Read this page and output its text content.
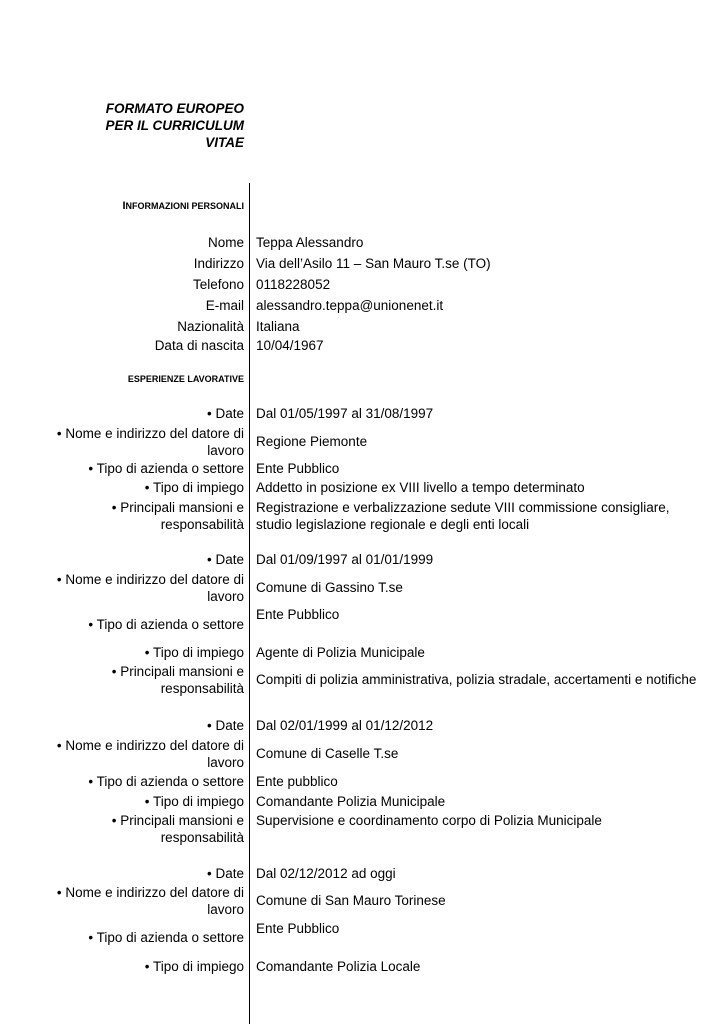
FORMATO EUROPEO
PER IL CURRICULUM
VITAE
INFORMAZIONI PERSONALI
Nome Teppa Alessandro
Indirizzo Via dell’Asilo 11 – San Mauro T.se (TO)
Telefono 0118228052
E-mail alessandro.teppa@unionenet.it
Nazionalità Italiana
Data di nascita 10/04/1967
ESPERIENZE LAVORATIVE
• Date Dal 01/05/1997 al 31/08/1997
• Nome e indirizzo del datore di
lavoro
Regione Piemonte
• Tipo di azienda o settore Ente Pubblico
• Tipo di impiego Addetto in posizione ex VIII livello a tempo determinato
• Principali mansioni e
responsabilità
Registrazione e verbalizzazione sedute VIII commissione consigliare,
studio legislazione regionale e degli enti locali
• Date Dal 01/09/1997 al 01/01/1999
• Nome e indirizzo del datore di
lavoro
Comune di Gassino T.se
Ente Pubblico
• Tipo di azienda o settore
• Tipo di impiego Agente di Polizia Municipale
• Principali mansioni e
responsabilità
Compiti di polizia amministrativa, polizia stradale, accertamenti e notifiche
• Date Dal 02/01/1999 al 01/12/2012
• Nome e indirizzo del datore di
lavoro
Comune di Caselle T.se
• Tipo di azienda o settore Ente pubblico
• Tipo di impiego Comandante Polizia Municipale
• Principali mansioni e
responsabilità
Supervisione e coordinamento corpo di Polizia Municipale
• Date Dal 02/12/2012 ad oggi
• Nome e indirizzo del datore di
lavoro
Comune di San Mauro Torinese
Ente Pubblico
• Tipo di azienda o settore
• Tipo di impiego Comandante Polizia Locale
